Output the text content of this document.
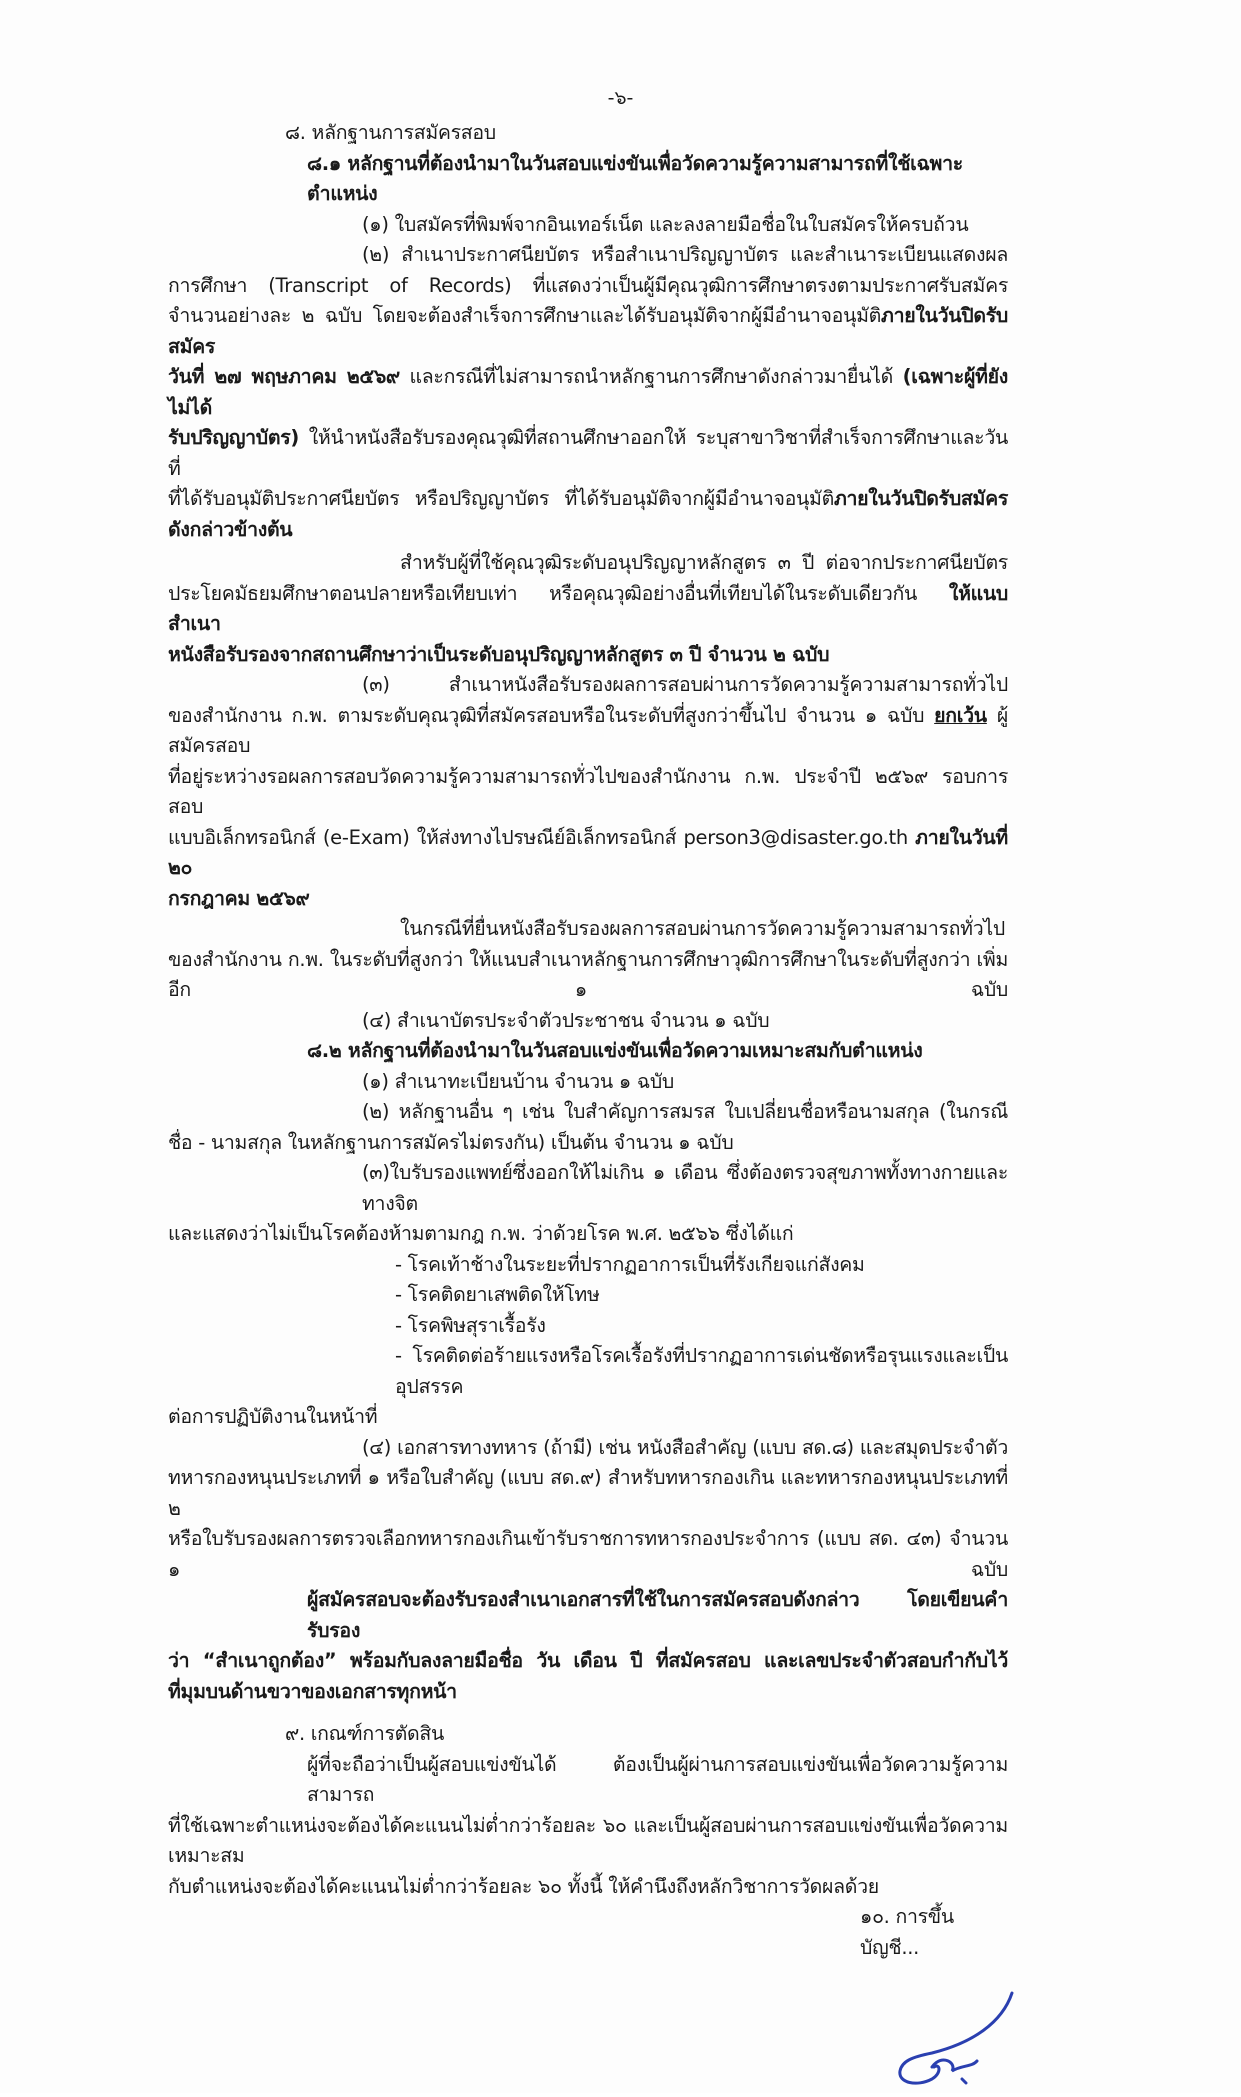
-๖-
๘. หลักฐานการสมัครสอบ
๘.๑ หลักฐานที่ต้องนำมาในวันสอบแข่งขันเพื่อวัดความรู้ความสามารถที่ใช้เฉพาะตำแหน่ง
(๑) ใบสมัครที่พิมพ์จากอินเทอร์เน็ต และลงลายมือชื่อในใบสมัครให้ครบถ้วน
(๒) สำเนาประกาศนียบัตร หรือสำเนาปริญญาบัตร และสำเนาระเบียนแสดงผล
การศึกษา (Transcript of Records) ที่แสดงว่าเป็นผู้มีคุณวุฒิการศึกษาตรงตามประกาศรับสมัคร
จำนวนอย่างละ ๒ ฉบับ โดยจะต้องสำเร็จการศึกษาและได้รับอนุมัติจากผู้มีอำนาจอนุมัติภายในวันปิดรับสมัคร
วันที่ ๒๗ พฤษภาคม ๒๕๖๙ และกรณีที่ไม่สามารถนำหลักฐานการศึกษาดังกล่าวมายื่นได้ (เฉพาะผู้ที่ยังไม่ได้
รับปริญญาบัตร) ให้นำหนังสือรับรองคุณวุฒิที่สถานศึกษาออกให้ ระบุสาขาวิชาที่สำเร็จการศึกษาและวันที่
ที่ได้รับอนุมัติประกาศนียบัตร หรือปริญญาบัตร ที่ได้รับอนุมัติจากผู้มีอำนาจอนุมัติภายในวันปิดรับสมัคร
ดังกล่าวข้างต้น
สำหรับผู้ที่ใช้คุณวุฒิระดับอนุปริญญาหลักสูตร ๓ ปี ต่อจากประกาศนียบัตร
ประโยคมัธยมศึกษาตอนปลายหรือเทียบเท่า หรือคุณวุฒิอย่างอื่นที่เทียบได้ในระดับเดียวกัน ให้แนบสำเนา
หนังสือรับรองจากสถานศึกษาว่าเป็นระดับอนุปริญญาหลักสูตร ๓ ปี จำนวน ๒ ฉบับ
(๓) สำเนาหนังสือรับรองผลการสอบผ่านการวัดความรู้ความสามารถทั่วไป
ของสำนักงาน ก.พ. ตามระดับคุณวุฒิที่สมัครสอบหรือในระดับที่สูงกว่าขึ้นไป จำนวน ๑ ฉบับ ยกเว้น ผู้สมัครสอบ
ที่อยู่ระหว่างรอผลการสอบวัดความรู้ความสามารถทั่วไปของสำนักงาน ก.พ. ประจำปี ๒๕๖๙ รอบการสอบ
แบบอิเล็กทรอนิกส์ (e-Exam) ให้ส่งทางไปรษณีย์อิเล็กทรอนิกส์ person3@disaster.go.th ภายในวันที่ ๒๐
กรกฎาคม ๒๕๖๙
ในกรณีที่ยื่นหนังสือรับรองผลการสอบผ่านการวัดความรู้ความสามารถทั่วไป
ของสำนักงาน ก.พ. ในระดับที่สูงกว่า ให้แนบสำเนาหลักฐานการศึกษาวุฒิการศึกษาในระดับที่สูงกว่า เพิ่มอีก ๑ ฉบับ
(๔) สำเนาบัตรประจำตัวประชาชน จำนวน ๑ ฉบับ
๘.๒ หลักฐานที่ต้องนำมาในวันสอบแข่งขันเพื่อวัดความเหมาะสมกับตำแหน่ง
(๑) สำเนาทะเบียนบ้าน จำนวน ๑ ฉบับ
(๒) หลักฐานอื่น ๆ เช่น ใบสำคัญการสมรส ใบเปลี่ยนชื่อหรือนามสกุล (ในกรณี
ชื่อ - นามสกุล ในหลักฐานการสมัครไม่ตรงกัน) เป็นต้น จำนวน ๑ ฉบับ
(๓)ใบรับรองแพทย์ซึ่งออกให้ไม่เกิน ๑ เดือน ซึ่งต้องตรวจสุขภาพทั้งทางกายและทางจิต
และแสดงว่าไม่เป็นโรคต้องห้ามตามกฎ ก.พ. ว่าด้วยโรค พ.ศ. ๒๕๖๖ ซึ่งได้แก่
- โรคเท้าช้างในระยะที่ปรากฏอาการเป็นที่รังเกียจแก่สังคม
- โรคติดยาเสพติดให้โทษ
- โรคพิษสุราเรื้อรัง
- โรคติดต่อร้ายแรงหรือโรคเรื้อรังที่ปรากฏอาการเด่นชัดหรือรุนแรงและเป็นอุปสรรค
ต่อการปฏิบัติงานในหน้าที่
(๔) เอกสารทางทหาร (ถ้ามี) เช่น หนังสือสำคัญ (แบบ สด.๘) และสมุดประจำตัว
ทหารกองหนุนประเภทที่ ๑ หรือใบสำคัญ (แบบ สด.๙) สำหรับทหารกองเกิน และทหารกองหนุนประเภทที่ ๒
หรือใบรับรองผลการตรวจเลือกทหารกองเกินเข้ารับราชการทหารกองประจำการ (แบบ สด. ๔๓) จำนวน ๑ ฉบับ
ผู้สมัครสอบจะต้องรับรองสำเนาเอกสารที่ใช้ในการสมัครสอบดังกล่าว โดยเขียนคำรับรอง
ว่า “สำเนาถูกต้อง” พร้อมกับลงลายมือชื่อ วัน เดือน ปี ที่สมัครสอบ และเลขประจำตัวสอบกำกับไว้
ที่มุมบนด้านขวาของเอกสารทุกหน้า
๙. เกณฑ์การตัดสิน
ผู้ที่จะถือว่าเป็นผู้สอบแข่งขันได้ ต้องเป็นผู้ผ่านการสอบแข่งขันเพื่อวัดความรู้ความสามารถ
ที่ใช้เฉพาะตำแหน่งจะต้องได้คะแนนไม่ต่ำกว่าร้อยละ ๖๐ และเป็นผู้สอบผ่านการสอบแข่งขันเพื่อวัดความเหมาะสม
กับตำแหน่งจะต้องได้คะแนนไม่ต่ำกว่าร้อยละ ๖๐ ทั้งนี้ ให้คำนึงถึงหลักวิชาการวัดผลด้วย
๑๐. การขึ้นบัญชี...
